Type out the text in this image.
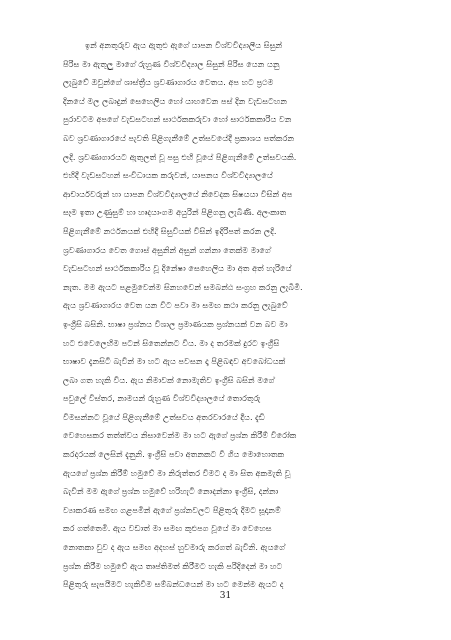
ඉන් අනතුරුව ඇය ඇතුළු ඇගේ යාපන විශ්වවිද්‍යාලීය සිසුන්
පිරිස මා ඇතුලු මාගේ රුහුණ විශ්වවිද්‍යාල සිසුන් පිරිස යෙන යනු
ලැබුවේ ඔවුන්ගේ ශාස්ත්‍රීය ශ්‍රවණාගාරය වෙතය. අප හට ප්‍රථම
දිනයේ මල ලබාදුන් සෙහෙලිය හෝ යාහවෙන පස් දින වැඩසටහන
පුරාවටම අපගේ වැඩසටහන් සාර්ථකකරුවා හෝ සාර්ථකකාරිය වන
බව ශ්‍රවණාගාරයේ පැවති පිළිගැනීමේ උත්සවයේදී ප්‍රකාශය පත්කරන
ලදි. ශ්‍රවණාගාරයට ඇතුලත් වූ පසු එහි වූයේ පිළිගැනීමේ උත්සවයකි.
එහිදී වැඩසටහන් සංවිධායක කරුවන්, යාපනය විශ්වවිද්‍යාලයේ
ආචාර්යවරුන් හා යාපන විශ්වවිද්‍යාලයේ නිවෙදක සිෂයයා විසින් අප
සෑම ඉතා උණුසුම් හා හෘදයාංගම අයුරින් පිළිගනු ලැබිණි. අලංකාත
පිළිගැනීමේ නර්ථනයක් එහිදී සිසුවියක් විසින් ඉදිරිපත් කරන ලදි.
ශ්‍රවණාගාරය වෙත ගොස් අසුනින් අසුන් ගන්නා තෙක්ම මාගේ
වැඩසටහන් සාර්ථකකාරිය වූ දිනේෂා සෙහෙලිය මා අත අත් හැරියේ
නැත. මම ඇයට පළමුවෙන්ම සිනහවෙන් සමබන්ඨ සංග්‍රහ කරනු ලැබීමි.
ඇය ශ්‍රවණාගාරය වෙත යන විට පවා මා සමඟ කථා කරනු ලැබුවේ
ඉංග්‍රීසි බසිනි. භාෂා ප්‍රශ්නය විශාල ප්‍රමාණයක ප්‍රශ්නයක් වන බව මා
හට එවෙලෙහිම පටන් සිතෙන්නට විය. මා ද තරමක් දුරට ඉංග්‍රීසි
භාෂාව දැනසිටී බැවින් මා හට ඇය පවසන දෑ පිළිබඳව අවබෝධයක්
ලබා ගත හැකි විය. ඇය නිමාවක් නොමැතිව ඉංග්‍රීසි බසින් මගේ
පවුලේ විස්තර, නාමයන් රුහුණ විශ්වවිද්‍යාලයේ තොරතුරු
විමසන්නට වූයේ පිළිගැනීමේ උත්සවය අතරවාරයේ දීය. දැඩි
වෙහෙසකර තත්ත්වය නිසාවෙන්ම මා හට ඇගේ ප්‍රශ්න කිරීම් විරෝක
කරදරයක් ලෙසින් දැනුනි. ඉංග්‍රීසි පවා අතනකට වී ගිය මොහොතක
ඇයගේ ප්‍රශ්න කිරීම් හමුවේ මා නිරුත්තර වීමට ද මා සිත අකමැති වූ
බැවින් මම ඇගේ ප්‍රශ්න හමුවේ හරිහැටි නොදන්නා ඉංග්‍රීසි, දන්නා
ව්‍යාකරණ සමඟ ගළපමින් ඇගේ ප්‍රශ්නවලට පිළිතුරු දීමට සූදානම්
කර ගත්තෙමි. ඇය වඩාත් මා සමඟ කුළුපග වූයේ මා වෙහෙස
නොතකා වුව ද ඇය සමඟ අදහස් හුවමාරු කරගත් බැවිනි. ඇයගේ
ප්‍රශ්න කිරීම හමුවේ ඇය තෘප්තිමත් කිරීමට හැකි පරිදිදෙන් මා හට
පිළිතුරු සැපයීමට හැකිවීම සම්බන්ධයෙන් මා හට මෙන්ම ඇයට ද
31
